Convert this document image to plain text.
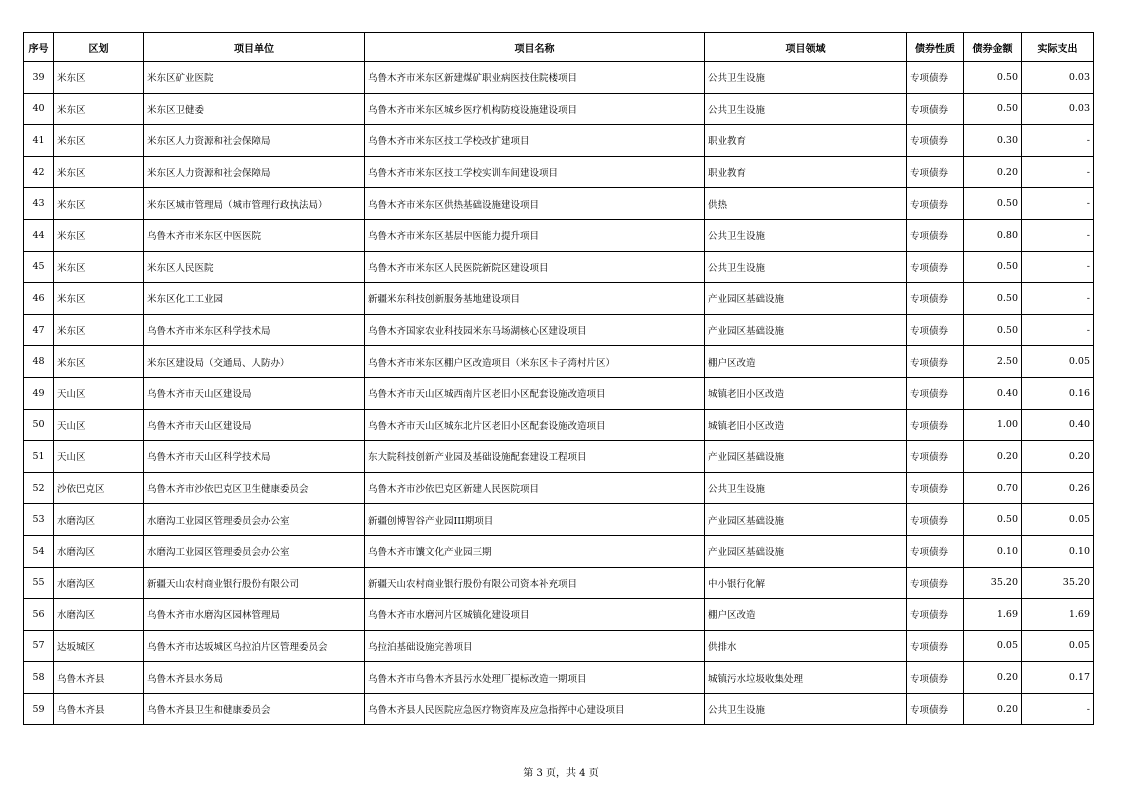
序号	区划	项目单位	项目名称	项目领域	债券性质	债券金额	实际支出
39	米东区	米东区矿业医院	乌鲁木齐市米东区新建煤矿职业病医技住院楼项目	公共卫生设施	专项债券	0.50	0.03
40	米东区	米东区卫健委	乌鲁木齐市米东区城乡医疗机构防疫设施建设项目	公共卫生设施	专项债券	0.50	0.03
41	米东区	米东区人力资源和社会保障局	乌鲁木齐市米东区技工学校改扩建项目	职业教育	专项债券	0.30	-
42	米东区	米东区人力资源和社会保障局	乌鲁木齐市米东区技工学校实训车间建设项目	职业教育	专项债券	0.20	-
43	米东区	米东区城市管理局（城市管理行政执法局）	乌鲁木齐市米东区供热基础设施建设项目	供热	专项债券	0.50	-
44	米东区	乌鲁木齐市米东区中医医院	乌鲁木齐市米东区基层中医能力提升项目	公共卫生设施	专项债券	0.80	-
45	米东区	米东区人民医院	乌鲁木齐市米东区人民医院新院区建设项目	公共卫生设施	专项债券	0.50	-
46	米东区	米东区化工工业园	新疆米东科技创新服务基地建设项目	产业园区基础设施	专项债券	0.50	-
47	米东区	乌鲁木齐市米东区科学技术局	乌鲁木齐国家农业科技园米东马场湖核心区建设项目	产业园区基础设施	专项债券	0.50	-
48	米东区	米东区建设局（交通局、人防办）	乌鲁木齐市米东区棚户区改造项目（米东区卡子湾村片区）	棚户区改造	专项债券	2.50	0.05
49	天山区	乌鲁木齐市天山区建设局	乌鲁木齐市天山区城西南片区老旧小区配套设施改造项目	城镇老旧小区改造	专项债券	0.40	0.16
50	天山区	乌鲁木齐市天山区建设局	乌鲁木齐市天山区城东北片区老旧小区配套设施改造项目	城镇老旧小区改造	专项债券	1.00	0.40
51	天山区	乌鲁木齐市天山区科学技术局	东大院科技创新产业园及基础设施配套建设工程项目	产业园区基础设施	专项债券	0.20	0.20
52	沙依巴克区	乌鲁木齐市沙依巴克区卫生健康委员会	乌鲁木齐市沙依巴克区新建人民医院项目	公共卫生设施	专项债券	0.70	0.26
53	水磨沟区	水磨沟工业园区管理委员会办公室	新疆创博智谷产业园III期项目	产业园区基础设施	专项债券	0.50	0.05
54	水磨沟区	水磨沟工业园区管理委员会办公室	乌鲁木齐市馕文化产业园三期	产业园区基础设施	专项债券	0.10	0.10
55	水磨沟区	新疆天山农村商业银行股份有限公司	新疆天山农村商业银行股份有限公司资本补充项目	中小银行化解	专项债券	35.20	35.20
56	水磨沟区	乌鲁木齐市水磨沟区园林管理局	乌鲁木齐市水磨河片区城镇化建设项目	棚户区改造	专项债券	1.69	1.69
57	达坂城区	乌鲁木齐市达坂城区乌拉泊片区管理委员会	乌拉泊基础设施完善项目	供排水	专项债券	0.05	0.05
58	乌鲁木齐县	乌鲁木齐县水务局	乌鲁木齐市乌鲁木齐县污水处理厂提标改造一期项目	城镇污水垃圾收集处理	专项债券	0.20	0.17
59	乌鲁木齐县	乌鲁木齐县卫生和健康委员会	乌鲁木齐县人民医院应急医疗物资库及应急指挥中心建设项目	公共卫生设施	专项债券	0.20	-
第 3 页，共 4 页
